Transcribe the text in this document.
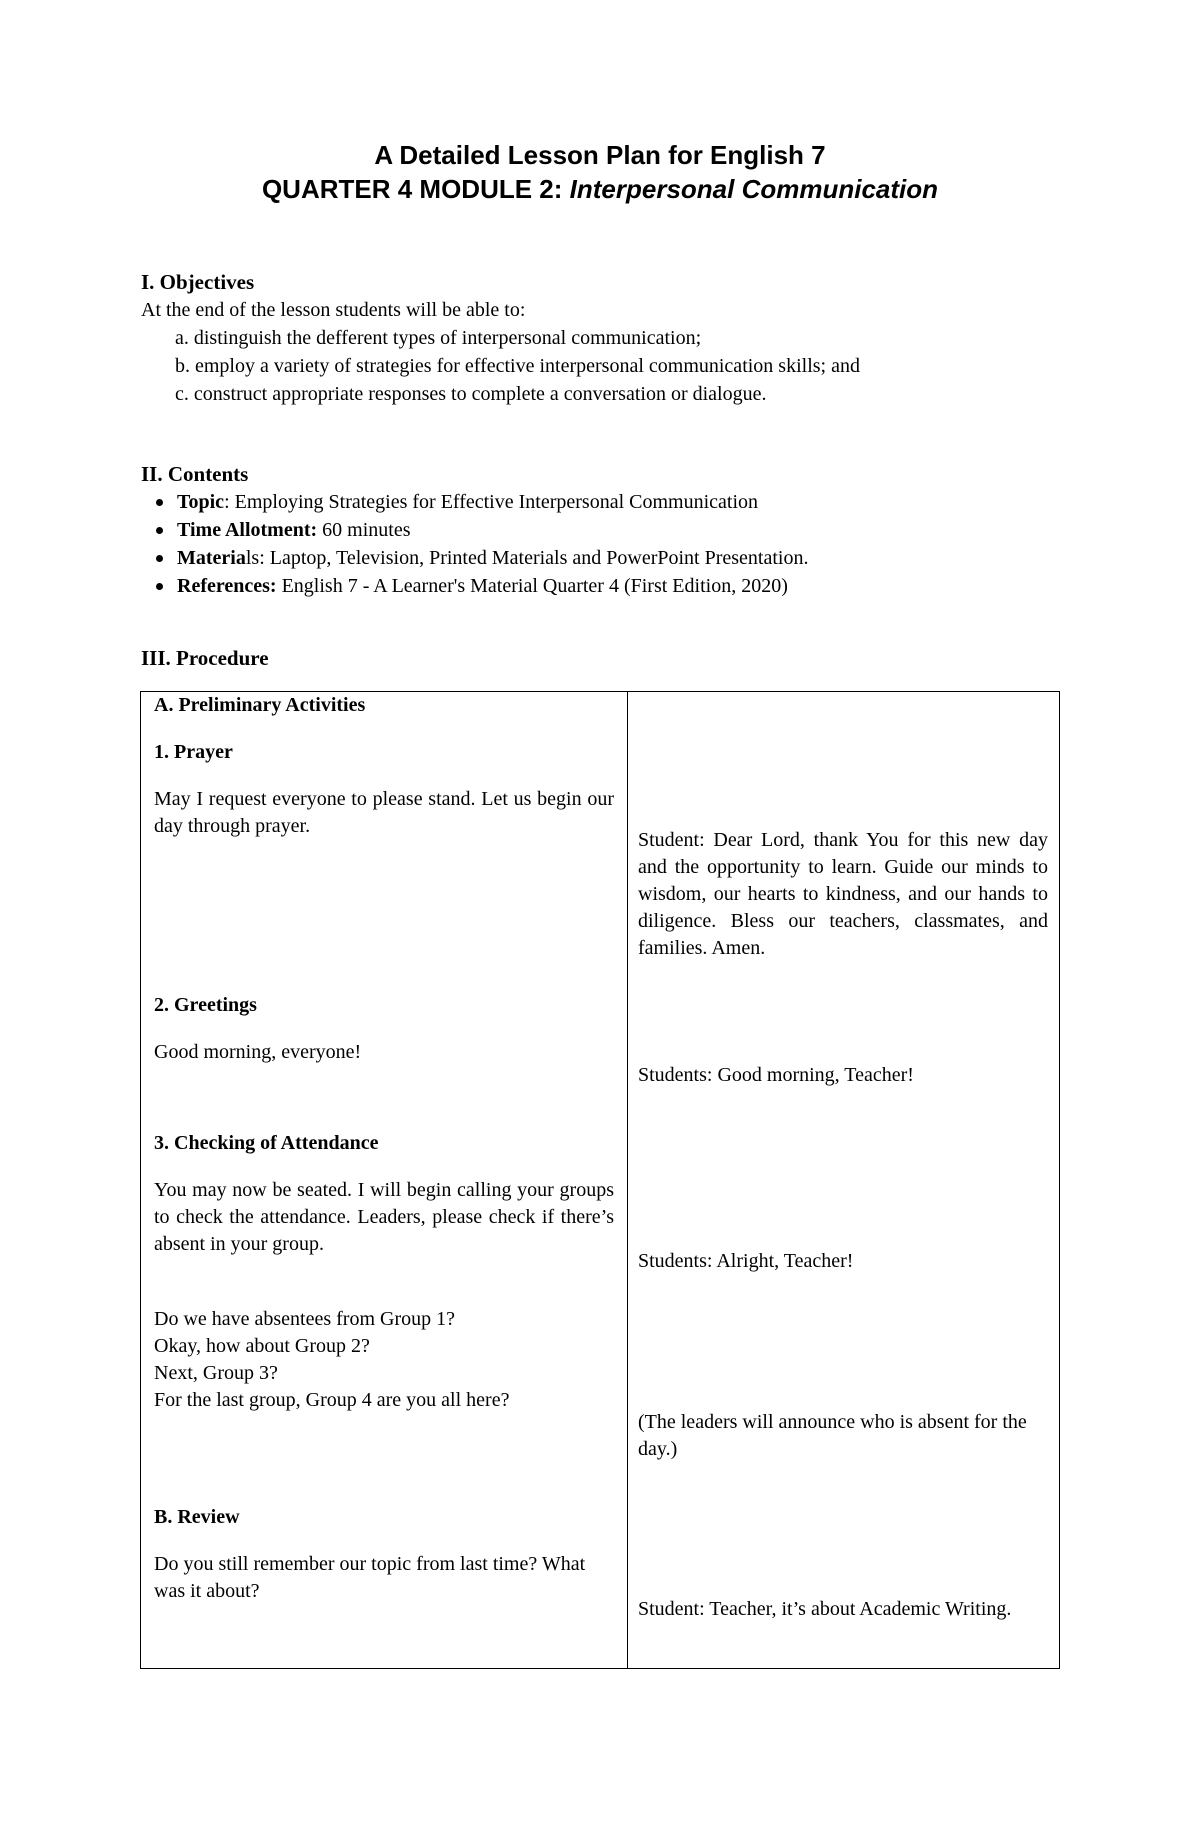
A Detailed Lesson Plan for English 7
QUARTER 4 MODULE 2: Interpersonal Communication
I. Objectives
At the end of the lesson students will be able to:
a. distinguish the defferent types of interpersonal communication;
b. employ a variety of strategies for effective interpersonal communication skills; and
c. construct appropriate responses to complete a conversation or dialogue.
II. Contents
Topic: Employing Strategies for Effective Interpersonal Communication
Time Allotment: 60 minutes
Materials: Laptop, Television, Printed Materials and PowerPoint Presentation.
References: English 7 - A Learner's Material Quarter 4 (First Edition, 2020)
III. Procedure
A. Preliminary Activities
1. Prayer
May I request everyone to please stand. Let us begin our day through prayer.
Student: Dear Lord, thank You for this new day and the opportunity to learn. Guide our minds to wisdom, our hearts to kindness, and our hands to diligence. Bless our teachers, classmates, and families. Amen.
2. Greetings
Good morning, everyone!
Students: Good morning, Teacher!
3. Checking of Attendance
You may now be seated. I will begin calling your groups to check the attendance. Leaders, please check if there’s absent in your group.
Students: Alright, Teacher!
Do we have absentees from Group 1?
Okay, how about Group 2?
Next, Group 3?
For the last group, Group 4 are you all here?
(The leaders will announce who is absent for the day.)
B. Review
Do you still remember our topic from last time? What was it about?
Student: Teacher, it’s about Academic Writing.
